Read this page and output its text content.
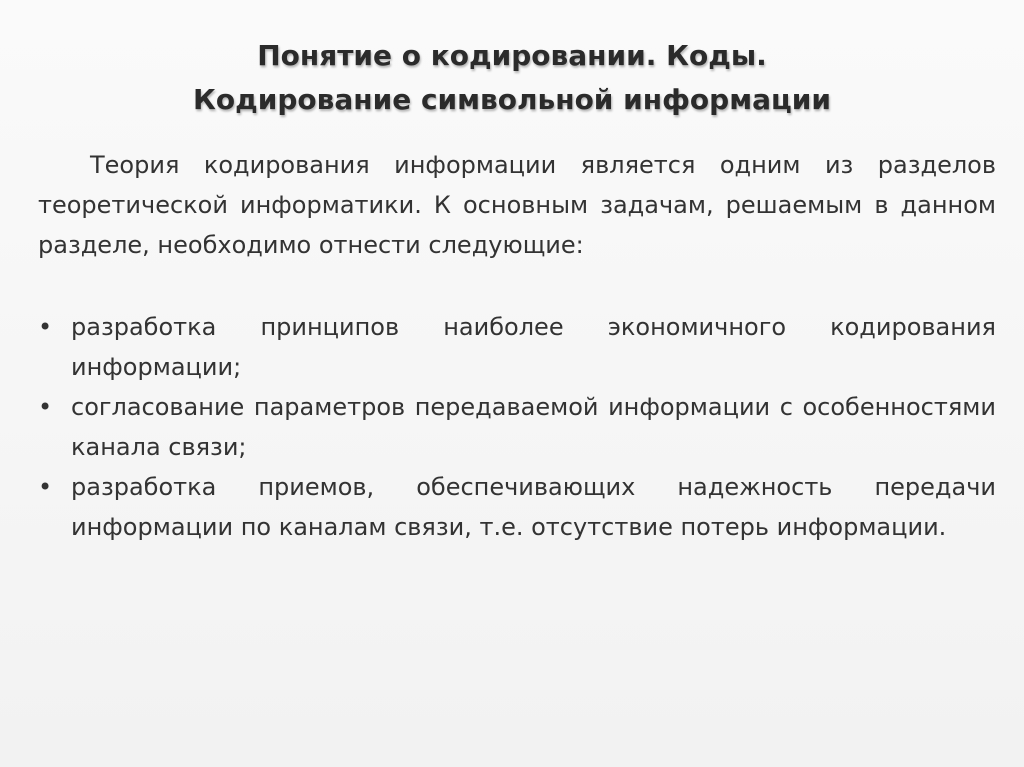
Понятие о кодировании. Коды.
Кодирование символьной информации

Теория кодирования информации является одним из разделов теоретической информатики. К основным задачам, решаемым в данном разделе, необходимо отнести следующие:

• разработка принципов наиболее экономичного кодирования информации;
• согласование параметров передаваемой информации с особенностями канала связи;
• разработка приемов, обеспечивающих надежность передачи информации по каналам связи, т.е. отсутствие потерь информации.
